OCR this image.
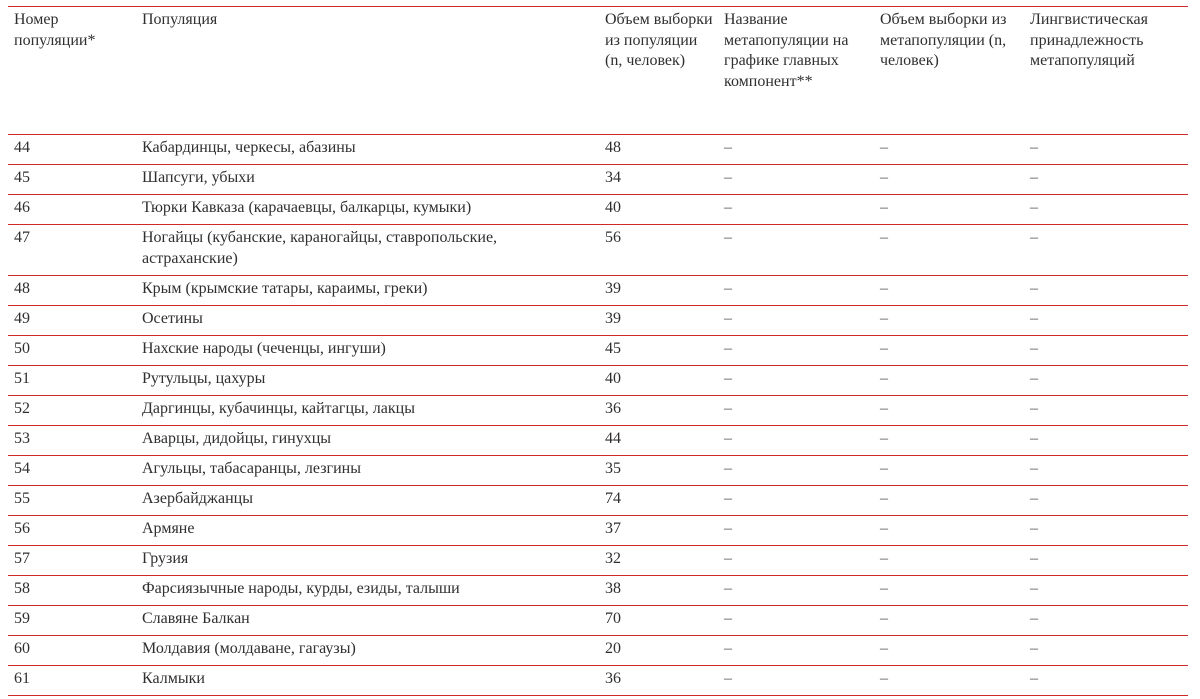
Номер популяции*	Популяция	Объем выборки из популяции (n, человек)	Название метапопуляции на графике главных компонент**	Объем выборки из метапопуляции (n, человек)	Лингвистическая принадлежность метапопуляций
44	Кабардинцы, черкесы, абазины	48	–	–	–
45	Шапсуги, убыхи	34	–	–	–
46	Тюрки Кавказа (карачаевцы, балкарцы, кумыки)	40	–	–	–
47	Ногайцы (кубанские, караногайцы, ставропольские, астраханские)	56	–	–	–
48	Крым (крымские татары, караимы, греки)	39	–	–	–
49	Осетины	39	–	–	–
50	Нахские народы (чеченцы, ингуши)	45	–	–	–
51	Рутульцы, цахуры	40	–	–	–
52	Даргинцы, кубачинцы, кайтагцы, лакцы	36	–	–	–
53	Аварцы, дидойцы, гинухцы	44	–	–	–
54	Агульцы, табасаранцы, лезгины	35	–	–	–
55	Азербайджанцы	74	–	–	–
56	Армяне	37	–	–	–
57	Грузия	32	–	–	–
58	Фарсиязычные народы, курды, езиды, талыши	38	–	–	–
59	Славяне Балкан	70	–	–	–
60	Молдавия (молдаване, гагаузы)	20	–	–	–
61	Калмыки	36	–	–	–
